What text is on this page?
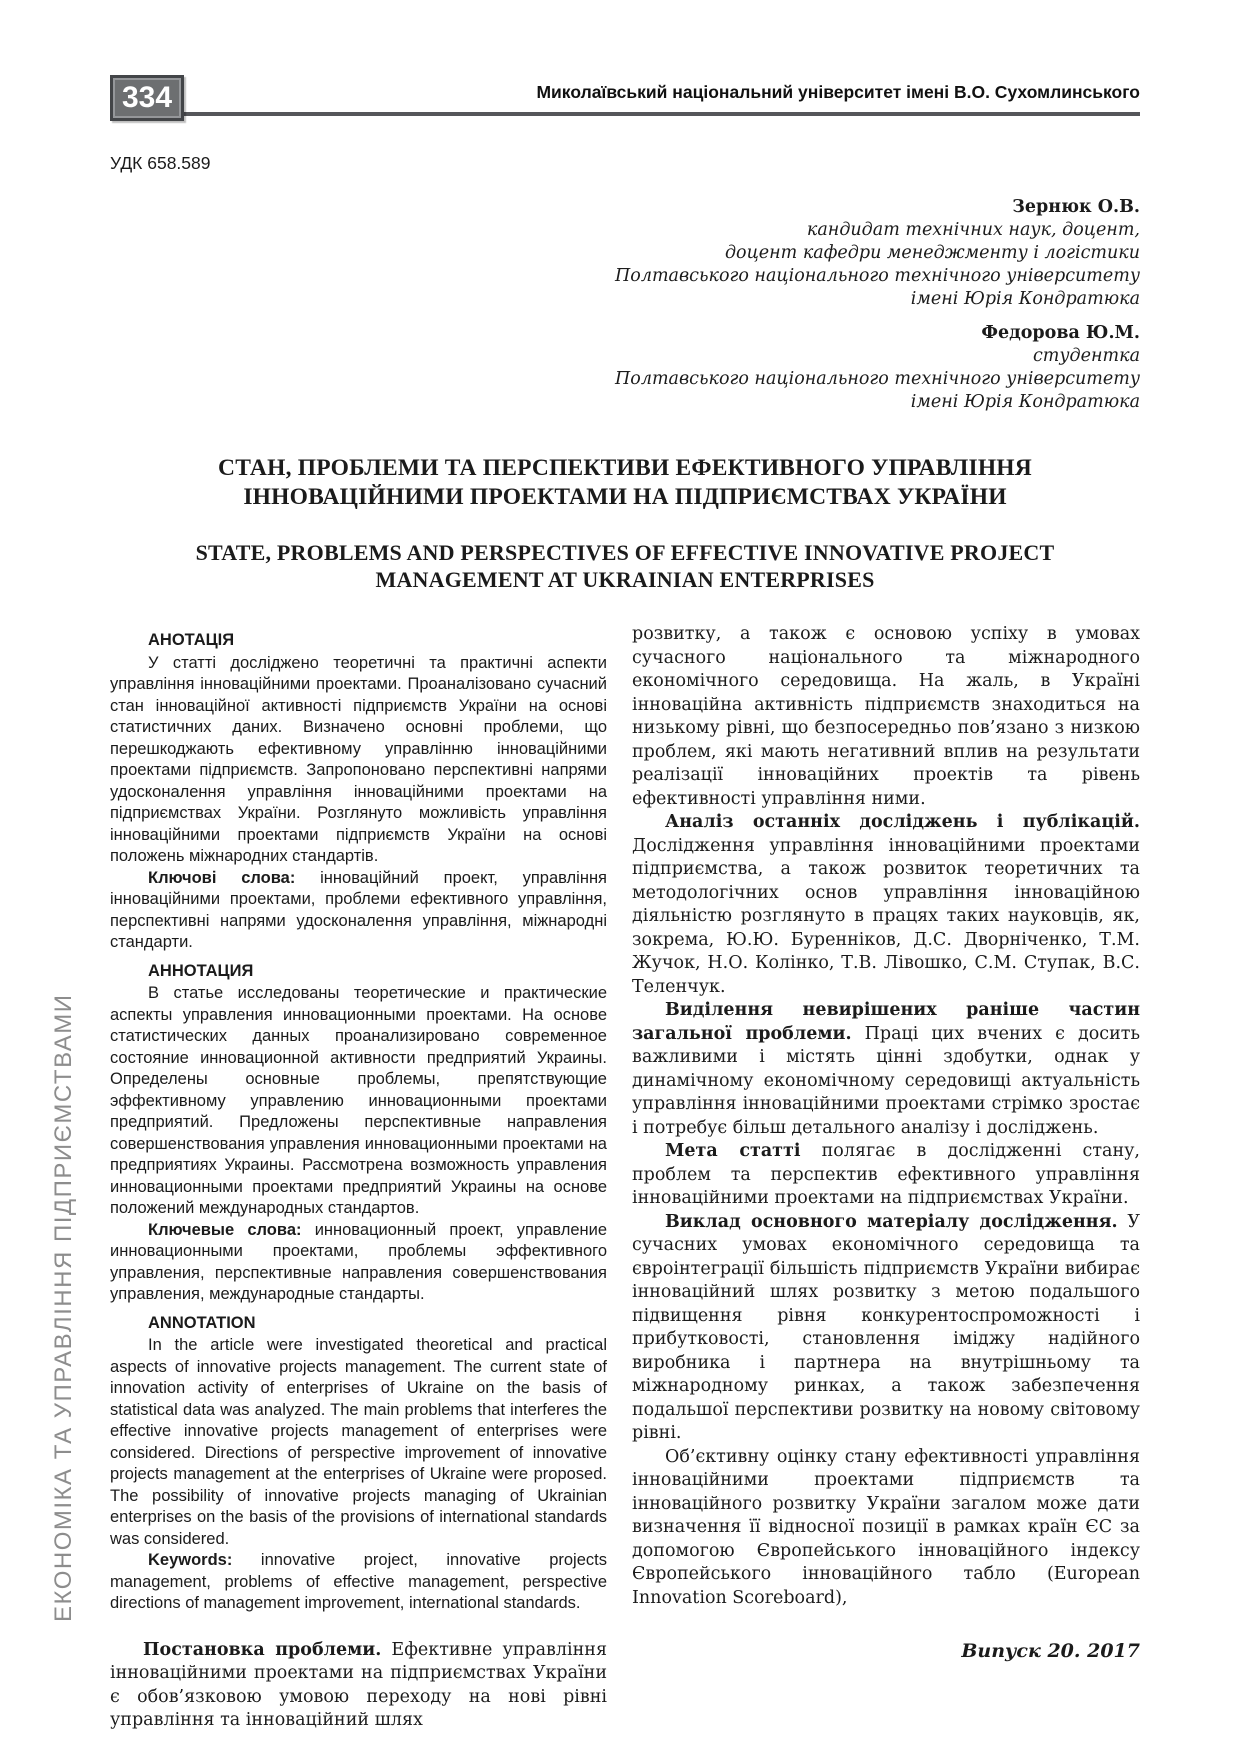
ЕКОНОМІКА ТА УПРАВЛІННЯ ПІДПРИЄМСТВАМИ
334	Миколаївський національний університет імені В.О. Сухомлинського
УДК 658.589
Зернюк О.В.
кандидат технічних наук, доцент,
доцент кафедри менеджменту і логістики
Полтавського національного технічного університету
імені Юрія Кондратюка
Федорова Ю.М.
студентка
Полтавського національного технічного університету
імені Юрія Кондратюка
СТАН, ПРОБЛЕМИ ТА ПЕРСПЕКТИВИ ЕФЕКТИВНОГО УПРАВЛІННЯ ІННОВАЦІЙНИМИ ПРОЕКТАМИ НА ПІДПРИЄМСТВАХ УКРАЇНИ
STATE, PROBLEMS AND PERSPECTIVES OF EFFECTIVE INNOVATIVE PROJECT MANAGEMENT AT UKRAINIAN ENTERPRISES
АНОТАЦІЯ

У статті досліджено теоретичні та практичні аспекти управління інноваційними проектами. Проаналізовано сучасний стан інноваційної активності підприємств України на основі статистичних даних. Визначено основні проблеми, що перешкоджають ефективному управлінню інноваційними проектами підприємств. Запропоновано перспективні напрями удосконалення управління інноваційними проектами на підприємствах України. Розглянуто можливість управління інноваційними проектами підприємств України на основі положень міжнародних стандартів.

Ключові слова: інноваційний проект, управління інноваційними проектами, проблеми ефективного управління, перспективні напрями удосконалення управління, міжнародні стандарти.

АННОТАЦИЯ

В статье исследованы теоретические и практические аспекты управления инновационными проектами. На основе статистических данных проанализировано современное состояние инновационной активности предприятий Украины. Определены основные проблемы, препятствующие эффективному управлению инновационными проектами предприятий. Предложены перспективные направления совершенствования управления инновационными проектами на предприятиях Украины. Рассмотрена возможность управления инновационными проектами предприятий Украины на основе положений международных стандартов.

Ключевые слова: инновационный проект, управление инновационными проектами, проблемы эффективного управления, перспективные направления совершенствования управления, международные стандарты.

ANNOTATION

In the article were investigated theoretical and practical aspects of innovative projects management. The current state of innovation activity of enterprises of Ukraine on the basis of statistical data was analyzed. The main problems that interferes the effective innovative projects management of enterprises were considered. Directions of perspective improvement of innovative projects management at the enterprises of Ukraine were proposed. The possibility of innovative projects managing of Ukrainian enterprises on the basis of the provisions of international standards was considered.

Keywords: innovative project, innovative projects management, problems of effective management, perspective directions of management improvement, international standards.

Постановка проблеми. Ефективне управління інноваційними проектами на підприємствах України є обов’язковою умовою переходу на нові рівні управління та інноваційний шлях

розвитку, а також є основою успіху в умовах сучасного національного та міжнародного економічного середовища. На жаль, в Україні інноваційна активність підприємств знаходиться на низькому рівні, що безпосередньо пов’язано з низкою проблем, які мають негативний вплив на результати реалізації інноваційних проектів та рівень ефективності управління ними.

Аналіз останніх досліджень і публікацій. Дослідження управління інноваційними проектами підприємства, а також розвиток теоретичних та методологічних основ управління інноваційною діяльністю розглянуто в працях таких науковців, як, зокрема, Ю.Ю. Буренніков, Д.С. Дворніченко, Т.М. Жучок, Н.О. Колінко, Т.В. Лівошко, С.М. Ступак, В.С. Теленчук.

Виділення невирішених раніше частин загальної проблеми. Праці цих вчених є досить важливими і містять цінні здобутки, однак у динамічному економічному середовищі актуальність управління інноваційними проектами стрімко зростає і потребує більш детального аналізу і досліджень.

Мета статті полягає в дослідженні стану, проблем та перспектив ефективного управління інноваційними проектами на підприємствах України.

Виклад основного матеріалу дослідження. У сучасних умовах економічного середовища та євроінтеграції більшість підприємств України вибирає інноваційний шлях розвитку з метою подальшого підвищення рівня конкурентоспроможності і прибутковості, становлення іміджу надійного виробника і партнера на внутрішньому та міжнародному ринках, а також забезпечення подальшої перспективи розвитку на новому світовому рівні.

Об’єктивну оцінку стану ефективності управління інноваційними проектами підприємств та інноваційного розвитку України загалом може дати визначення її відносної позиції в рамках країн ЄС за допомогою Європейського інноваційного індексу Європейського інноваційного табло (European Innovation Scoreboard),

Випуск 20. 2017
